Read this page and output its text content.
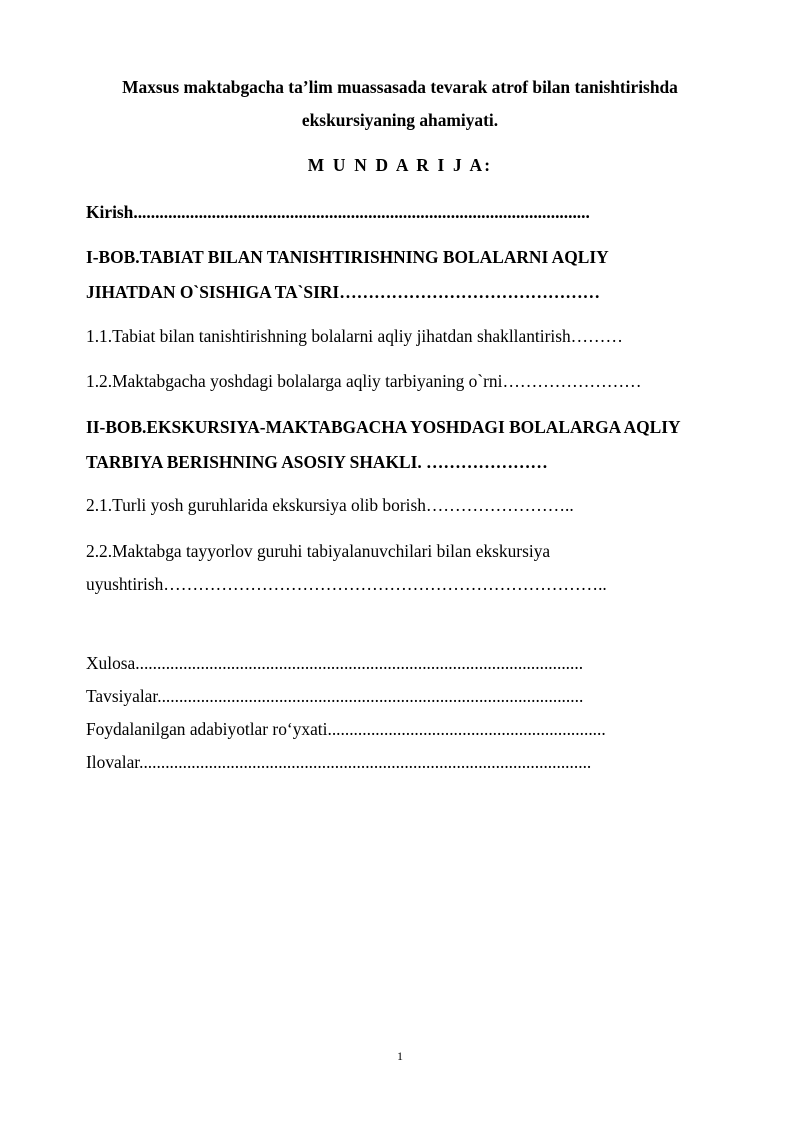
Maxsus maktabgacha ta’lim muassasada tevarak atrof bilan tanishtirishda
ekskursiyaning ahamiyati.
M U N D A R I J A:
Kirish.........................................................................................................
I-BOB.TABIAT BILAN TANISHTIRISHNING BOLALARNI AQLIY
JIHATDAN O`SISHIGA TA`SIRI………………………………………
1.1.Tabiat bilan tanishtirishning bolalarni aqliy jihatdan shakllantirish………
1.2.Maktabgacha yoshdagi bolalarga aqliy tarbiyaning o`rni……………………
II-BOB.EKSKURSIYA-MAKTABGACHA YOSHDAGI BOLALARGA AQLIY
TARBIYA BERISHNING ASOSIY SHAKLI. …………………
2.1.Turli yosh guruhlarida ekskursiya olib borish……………………..
2.2.Maktabga tayyorlov guruhi tabiyalanuvchilari bilan ekskursiya
uyushtirish…………………………………………………………………..
Xulosa.......................................................................................................
Tavsiyalar..................................................................................................
Foydalanilgan adabiyotlar ro‘yxati................................................................
Ilovalar........................................................................................................
1
